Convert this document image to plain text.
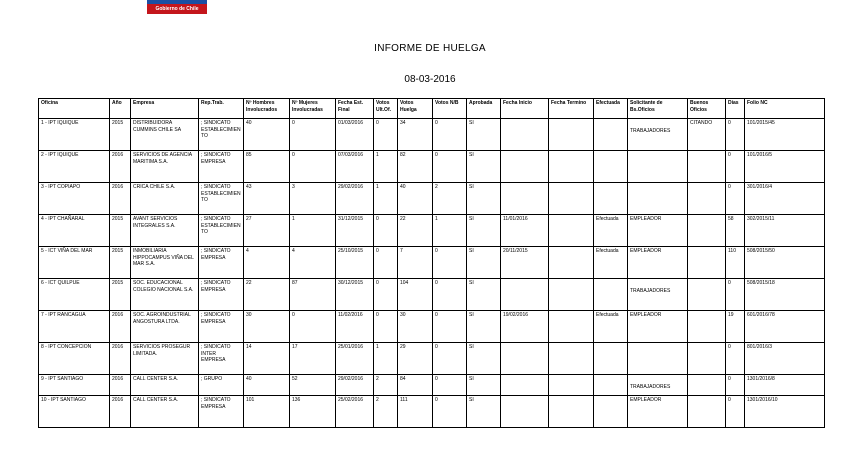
Gobierno de Chile
INFORME DE HUELGA
08-03-2016
Oficina	Año	Empresa	Rep.Trab.	Nº Hombres Involucrados	Nº Mujeres Involucradas	Fecha Est. Final	Votos Ult.Of.	Votos Huelga	Votos N/B	Aprobada	Fecha Inicio	Fecha Termino	Efectuada	Solicitante de Bs.Oficios	Buenos Oficios	Días	Folio NC
1 - IPT IQUIQUE	2015	DISTRIBUIDORA CUMMINS CHILE SA	; SINDICATO ESTABLECIMIENTO	40	0	01/03/2016	0	34	0	SI				TRABAJADORES	CITANDO	0	101/2015/45
2 - IPT IQUIQUE	2016	SERVICIOS DE AGENCIA MARITIMA S.A.	; SINDICATO EMPRESA	85	0	07/03/2016	1	82	0	SI						0	101/2016/5
3 - IPT COPIAPO	2016	CRICA CHILE S.A.	; SINDICATO ESTABLECIMIENTO	43	3	29/02/2016	1	40	2	SI						0	301/2016/4
4 - IPT CHAÑARAL	2015	AVANT SERVICIOS INTEGRALES S.A.	; SINDICATO ESTABLECIMIENTO	27	1	31/12/2015	0	22	1	SI	11/01/2016		Efectuada	EMPLEADOR		58	302/2015/11
5 - ICT VIÑA DEL MAR	2015	INMOBILIARIA HIPPOCAMPUS VIÑA DEL MAR S.A.	; SINDICATO EMPRESA	4	4	25/10/2015	0	7	0	SI	20/11/2015		Efectuada	EMPLEADOR		110	508/2015/50
6 - ICT QUILPUE	2015	SOC. EDUCACIONAL COLEGIO NACIONAL S.A.	; SINDICATO EMPRESA	22	87	30/12/2015	0	104	0	SI				TRABAJADORES		0	508/2015/18
7 - IPT RANCAGUA	2016	SOC. AGROINDUSTRIAL ANGOSTURA LTDA.	; SINDICATO EMPRESA	30	0	11/02/2016	0	30	0	SI	19/02/2016		Efectuada	EMPLEADOR		19	601/2016/78
8 - IPT CONCEPCION	2016	SERVICIOS PROSEGUR LIMITADA.	; SINDICATO INTER EMPRESA	14	17	25/01/2016	1	29	0	SI						0	801/2016/3
9 - IPT SANTIAGO	2016	CALL CENTER S.A.	; GRUPO	40	52	29/02/2016	2	84	0	SI				TRABAJADORES		0	1301/2016/8
10 - IPT SANTIAGO	2016	CALL CENTER S.A.	; SINDICATO EMPRESA	101	136	25/02/2016	2	111	0	SI				EMPLEADOR		0	1301/2016/10
